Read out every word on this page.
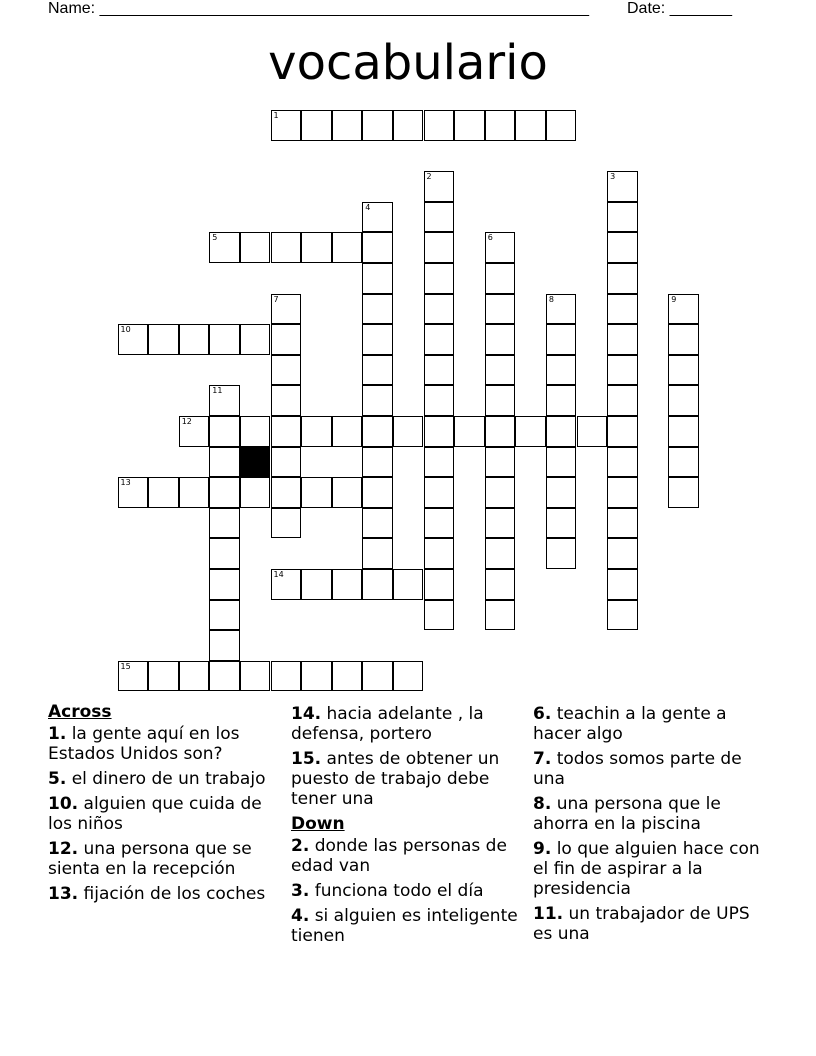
Name: _______________________________________________________ Date: _______
vocabulario
1
5
10
12
13
14
15
2	3
4
6
7	8	9
11
Across
1. la gente aquí en los Estados Unidos son?
5. el dinero de un trabajo
10. alguien que cuida de los niños
12. una persona que se sienta en la recepción
13. fijación de los coches
14. hacia adelante , la defensa, portero
15. antes de obtener un puesto de trabajo debe tener una
Down
2. donde las personas de edad van
3. funciona todo el día
4. si alguien es inteligente tienen
6. teachin a la gente a hacer algo
7. todos somos parte de una
8. una persona que le ahorra en la piscina
9. lo que alguien hace con el fin de aspirar a la presidencia
11. un trabajador de UPS es una
